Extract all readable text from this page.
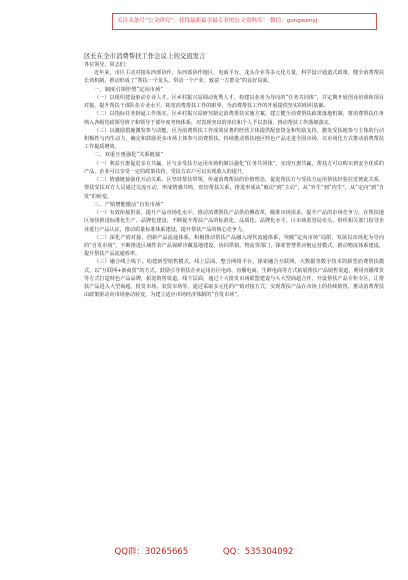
关注头条号“公文研究”，获得最新最全最专业的公文资料库！ 微信：gongwenyj

区长在全市消费帮扶工作会议上的交流发言

各位领导、同志们：

近年来，市区主动对接东西部协作、东西部协作地区，电商平台、龙头企业等多元化力量，科学设计通道式政策，健全消费帮扶长效机制，推动形成了“帮扶一个龙头、带动一个产业、致富一方群众”的良好局面。

一、制度引领形塑“定向市场”

（一）以组织建设驱动专业人才。区乡村振兴局调动优秀人才，构建以业务为导向的“任务共同体”，并定期开展创业培训和项目对接，提升帮扶干部队伍专业水平，拓宽消费帮扶工作的眼界，为消费帮扶工作的开展提供坚实的组织基础。

（二）以指标任务倒逼工作落实。区乡村振兴局研究制定消费帮扶实施方案，建立健全消费帮扶政策落地机制，将消费帮扶任务纳入各级党政领导班子和领导干部年度考核体系，对表现突出的单位和个人予以表扬，推动帮扶工作落细落实。

（三）以激励措施激发参与动能。区为消费帮扶工作成效显著的经营主体提供配套资金和奖励支持，激发受扶地参与主体的行动积极性与内生动力，确定和鼓励更多市场主体参与消费帮扶。持续推动帮扶地区特色产品走进全国市场，以市场化方式推动消费帮扶工作提质增效。

二、双重互惠强化“关系链接”

（一）利益互惠促进多方共赢。区与多受扶方运用市场机制以强化“任务共同体”，实现互惠共赢，帮扶方可以购买到安全优质的产品，企业可以享受一定的政策扶持，受扶方农户可以实现收入的提升。

（二）情感链接强化互动关系。区坚持帮扶带领，传递消费帮扶的价值理念，促进帮扶方与受扶方运用帮扶经验拉近彼此关系，帮扶受扶双方人员通过交流互动，形成情感共鸣，密切帮扶关系，推进形成从“被动”到“主动”，从“外生”到“内生”，从“定向”到“自发”的转变。

三、产销增能激活“自发市场”

（一）有效衔接供需，提升产品市场化水平。推动消费帮扶产品供给侧改革，瞄准市场需求，提升产品的市场竞争力，在帮扶地区加快推进标准化生产、品牌化建设，不断提升帮扶产品的标准化、品质化、品牌化水平。区市场监管局牵头，组织相关部门指导企业进行产品认证，推动质量标准体系建设，提升帮扶产品的核心竞争力。

（二）深化产销对接，创新产品流通体系。积极推动帮扶产品融入现代流通体系，突破“定向市场”局限，发展以市场化为导向的“自发市场”，不断推进区域性农产品保鲜冷藏基地建设，协同供销、物流等部门，探索智慧供应链运营模式，推动物流体系建设，提升帮扶产品流通效率。

（三）融合线上线下，构建新型销售模式。线上层面，整合网络平台，探索融合互联网、大数据等数字技术的新型消费帮扶模式，以“互联网+新商贸”的方式，鼓励引导帮扶企业运用社区电商、直播电商、生鲜电商等方式拓展帮扶产品销售渠道，利用直播带货等方式打造特色产品品牌，拓宽销售渠道。线下层面，通过十大批发市场联盟建设与大大型商超合作，开设帮扶产品专柜专区，让帮扶产品进入大型商超、批发市场、农贸市场等。通过采取多元化的产销对接方式，实现帮扶产品在市场上的持续销售，推动消费帮扶由政策驱动向市场驱动转变，为建立适应市场经济体制的“自发市场”。

QQ群：30265665	QQ：535304092
